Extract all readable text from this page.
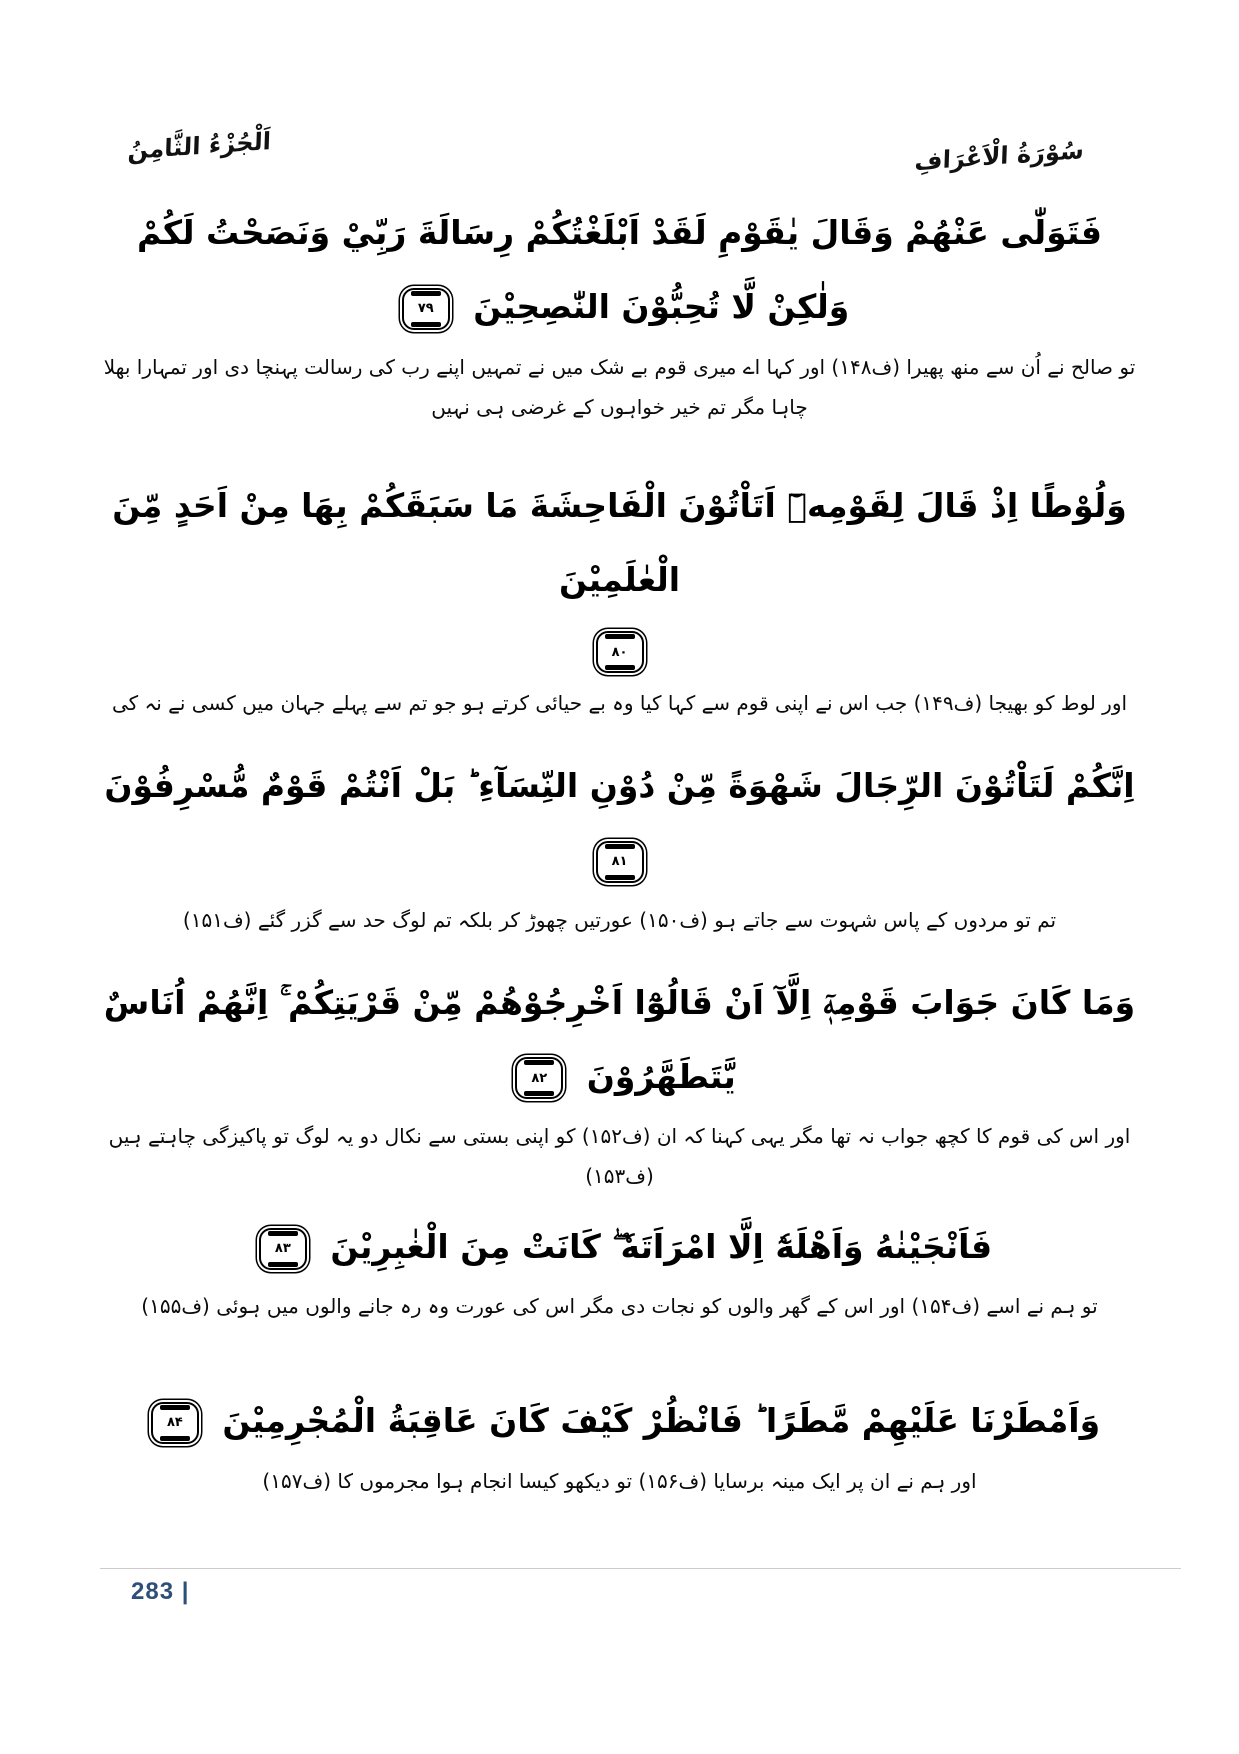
اَلْجُزْءُ الثَّامِنُ	سُوْرَةُ الْاَعْرَافِ
فَتَوَلّٰى عَنْهُمْ وَقَالَ يٰقَوْمِ لَقَدْ اَبْلَغْتُكُمْ رِسَالَةَ رَبِّيْ وَنَصَحْتُ لَكُمْ وَلٰكِنْ لَّا تُحِبُّوْنَ النّٰصِحِيْنَ
۷۹
تو صالح نے اُن سے منھ پھیرا (ف۱۴۸) اور کہا اے میری قوم بے شک میں نے تمہیں اپنے رب کی رسالت پہنچا دی اور تمہارا بھلا چاہا مگر تم خیر خواہوں کے غرضی ہی نہیں
وَلُوْطًا اِذْ قَالَ لِقَوْمِهٖٓ اَتَاْتُوْنَ الْفَاحِشَةَ مَا سَبَقَكُمْ بِهَا مِنْ اَحَدٍ مِّنَ الْعٰلَمِيْنَ
۸۰
اور لوط کو بھیجا (ف۱۴۹) جب اس نے اپنی قوم سے کہا کیا وہ بے حیائی کرتے ہو جو تم سے پہلے جہان میں کسی نے نہ کی
اِنَّكُمْ لَتَاْتُوْنَ الرِّجَالَ شَهْوَةً مِّنْ دُوْنِ النِّسَآءِ ؕ بَلْ اَنْتُمْ قَوْمٌ مُّسْرِفُوْنَ
۸۱
تم تو مردوں کے پاس شہوت سے جاتے ہو (ف۱۵۰) عورتیں چھوڑ کر بلکہ تم لوگ حد سے گزر گئے (ف۱۵۱)
وَمَا كَانَ جَوَابَ قَوْمِهٖٓ اِلَّآ اَنْ قَالُوْٓا اَخْرِجُوْهُمْ مِّنْ قَرْيَتِكُمْ ۚ اِنَّهُمْ اُنَاسٌ يَّتَطَهَّرُوْنَ
۸۲
اور اس کی قوم کا کچھ جواب نہ تھا مگر یہی کہنا کہ ان (ف۱۵۲) کو اپنی بستی سے نکال دو یہ لوگ تو پاکیزگی چاہتے ہیں (ف۱۵۳)
فَاَنْجَيْنٰهُ وَاَهْلَهٗٓ اِلَّا امْرَاَتَهٗ ۖ كَانَتْ مِنَ الْغٰبِرِيْنَ
۸۳
تو ہم نے اسے (ف۱۵۴) اور اس کے گھر والوں کو نجات دی مگر اس کی عورت وہ رہ جانے والوں میں ہوئی (ف۱۵۵)
وَاَمْطَرْنَا عَلَيْهِمْ مَّطَرًا ؕ فَانْظُرْ كَيْفَ كَانَ عَاقِبَةُ الْمُجْرِمِيْنَ
۸۴
اور ہم نے ان پر ایک مینہ برسایا (ف۱۵۶) تو دیکھو کیسا انجام ہوا مجرموں کا (ف۱۵۷)
283 |
